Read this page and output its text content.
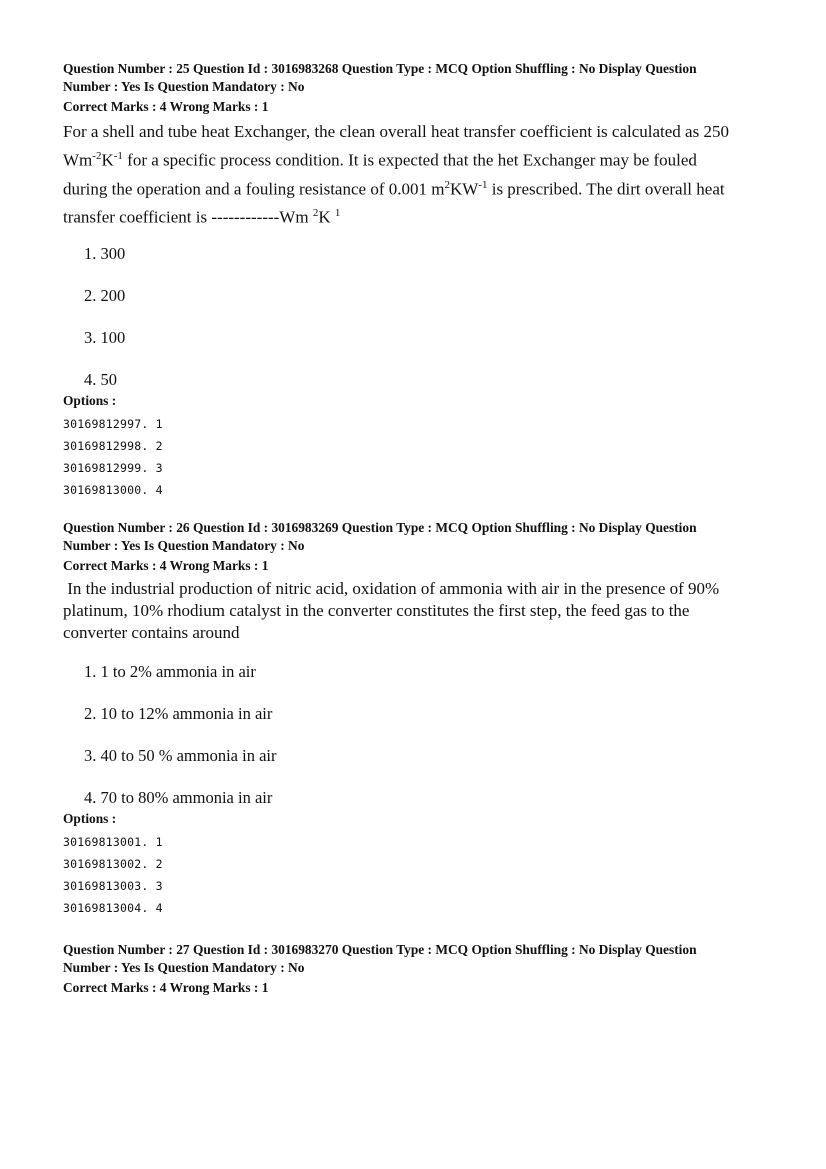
Question Number : 25 Question Id : 3016983268 Question Type : MCQ Option Shuffling : No Display Question
Number : Yes Is Question Mandatory : No
Correct Marks : 4 Wrong Marks : 1
For a shell and tube heat Exchanger, the clean overall heat transfer coefficient is calculated as 250
$Wm^{-2}K^{-1}$ for a specific process condition. It is expected that the het Exchanger may be fouled
during the operation and a fouling resistance of 0.001 $m^2KW^{-1}$ is prescribed. The dirt overall heat
transfer coefficient is ------------Wm $^2$K $^1$
1. 300
2. 200
3. 100
4. 50
Options :
30169812997. 1
30169812998. 2
30169812999. 3
30169813000. 4
Question Number : 26 Question Id : 3016983269 Question Type : MCQ Option Shuffling : No Display Question
Number : Yes Is Question Mandatory : No
Correct Marks : 4 Wrong Marks : 1
In the industrial production of nitric acid, oxidation of ammonia with air in the presence of 90%
platinum, 10% rhodium catalyst in the converter constitutes the first step, the feed gas to the
converter contains around
1. 1 to 2% ammonia in air
2. 10 to 12% ammonia in air
3. 40 to 50 % ammonia in air
4. 70 to 80% ammonia in air
Options :
30169813001. 1
30169813002. 2
30169813003. 3
30169813004. 4
Question Number : 27 Question Id : 3016983270 Question Type : MCQ Option Shuffling : No Display Question
Number : Yes Is Question Mandatory : No
Correct Marks : 4 Wrong Marks : 1
